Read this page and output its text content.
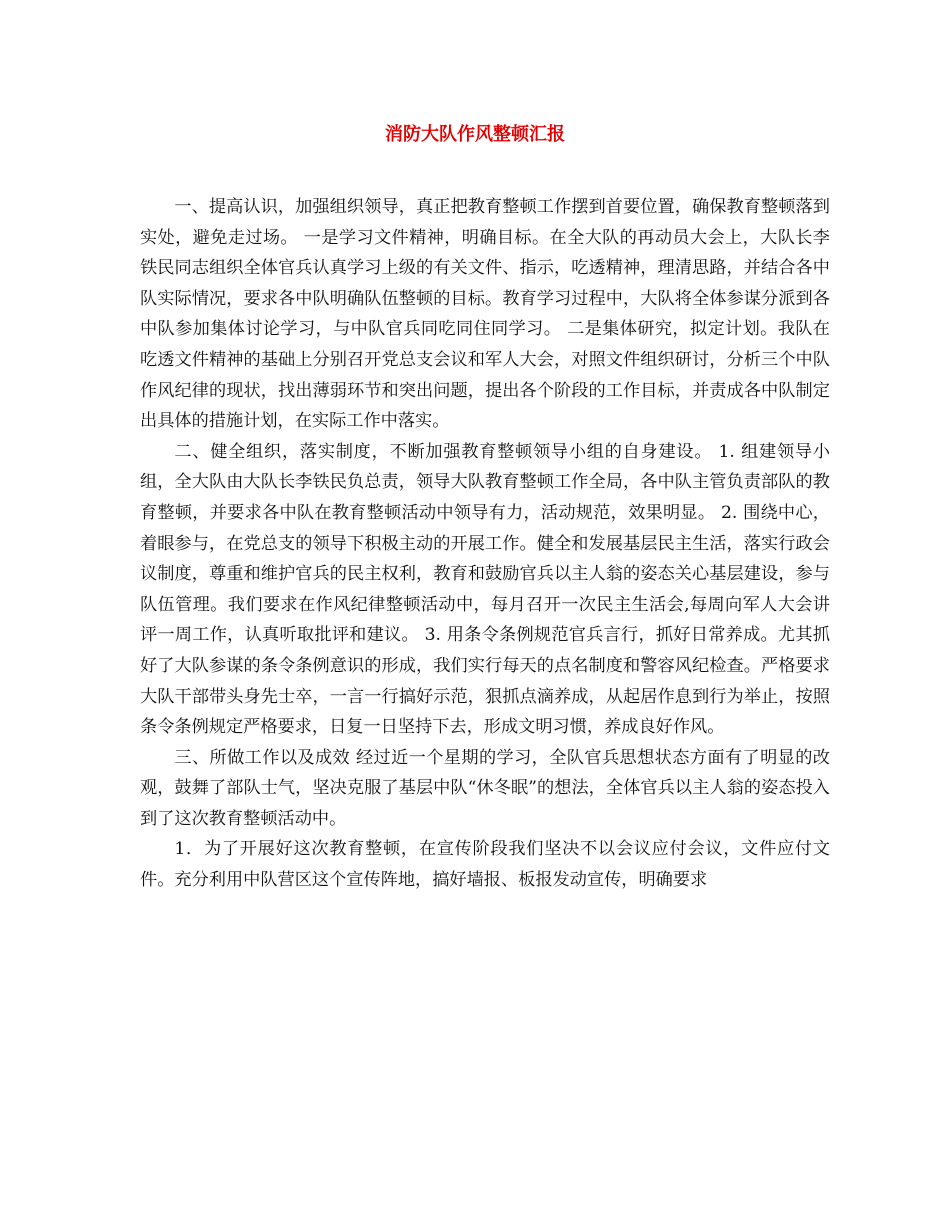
消防大队作风整顿汇报

一、提高认识，加强组织领导，真正把教育整顿工作摆到首要位置，确保教育整顿落到实处，避免走过场。 一是学习文件精神，明确目标。在全大队的再动员大会上，大队长李铁民同志组织全体官兵认真学习上级的有关文件、指示，吃透精神，理清思路，并结合各中队实际情况，要求各中队明确队伍整顿的目标。教育学习过程中，大队将全体参谋分派到各中队参加集体讨论学习，与中队官兵同吃同住同学习。 二是集体研究，拟定计划。我队在吃透文件精神的基础上分别召开党总支会议和军人大会，对照文件组织研讨，分析三个中队作风纪律的现状，找出薄弱环节和突出问题，提出各个阶段的工作目标，并责成各中队制定出具体的措施计划，在实际工作中落实。

二、健全组织，落实制度，不断加强教育整顿领导小组的自身建设。 1. 组建领导小组，全大队由大队长李铁民负总责，领导大队教育整顿工作全局，各中队主管负责部队的教育整顿，并要求各中队在教育整顿活动中领导有力，活动规范，效果明显。 2. 围绕中心，着眼参与，在党总支的领导下积极主动的开展工作。健全和发展基层民主生活，落实行政会议制度，尊重和维护官兵的民主权利，教育和鼓励官兵以主人翁的姿态关心基层建设，参与队伍管理。我们要求在作风纪律整顿活动中，每月召开一次民主生活会,每周向军人大会讲评一周工作，认真听取批评和建议。 3. 用条令条例规范官兵言行，抓好日常养成。尤其抓好了大队参谋的条令条例意识的形成，我们实行每天的点名制度和警容风纪检查。严格要求大队干部带头身先士卒，一言一行搞好示范，狠抓点滴养成，从起居作息到行为举止，按照条令条例规定严格要求，日复一日坚持下去，形成文明习惯，养成良好作风。

三、所做工作以及成效 经过近一个星期的学习，全队官兵思想状态方面有了明显的改观，鼓舞了部队士气，坚决克服了基层中队“休冬眠”的想法，全体官兵以主人翁的姿态投入到了这次教育整顿活动中。

1．为了开展好这次教育整顿，在宣传阶段我们坚决不以会议应付会议，文件应付文件。充分利用中队营区这个宣传阵地，搞好墙报、板报发动宣传，明确要求
